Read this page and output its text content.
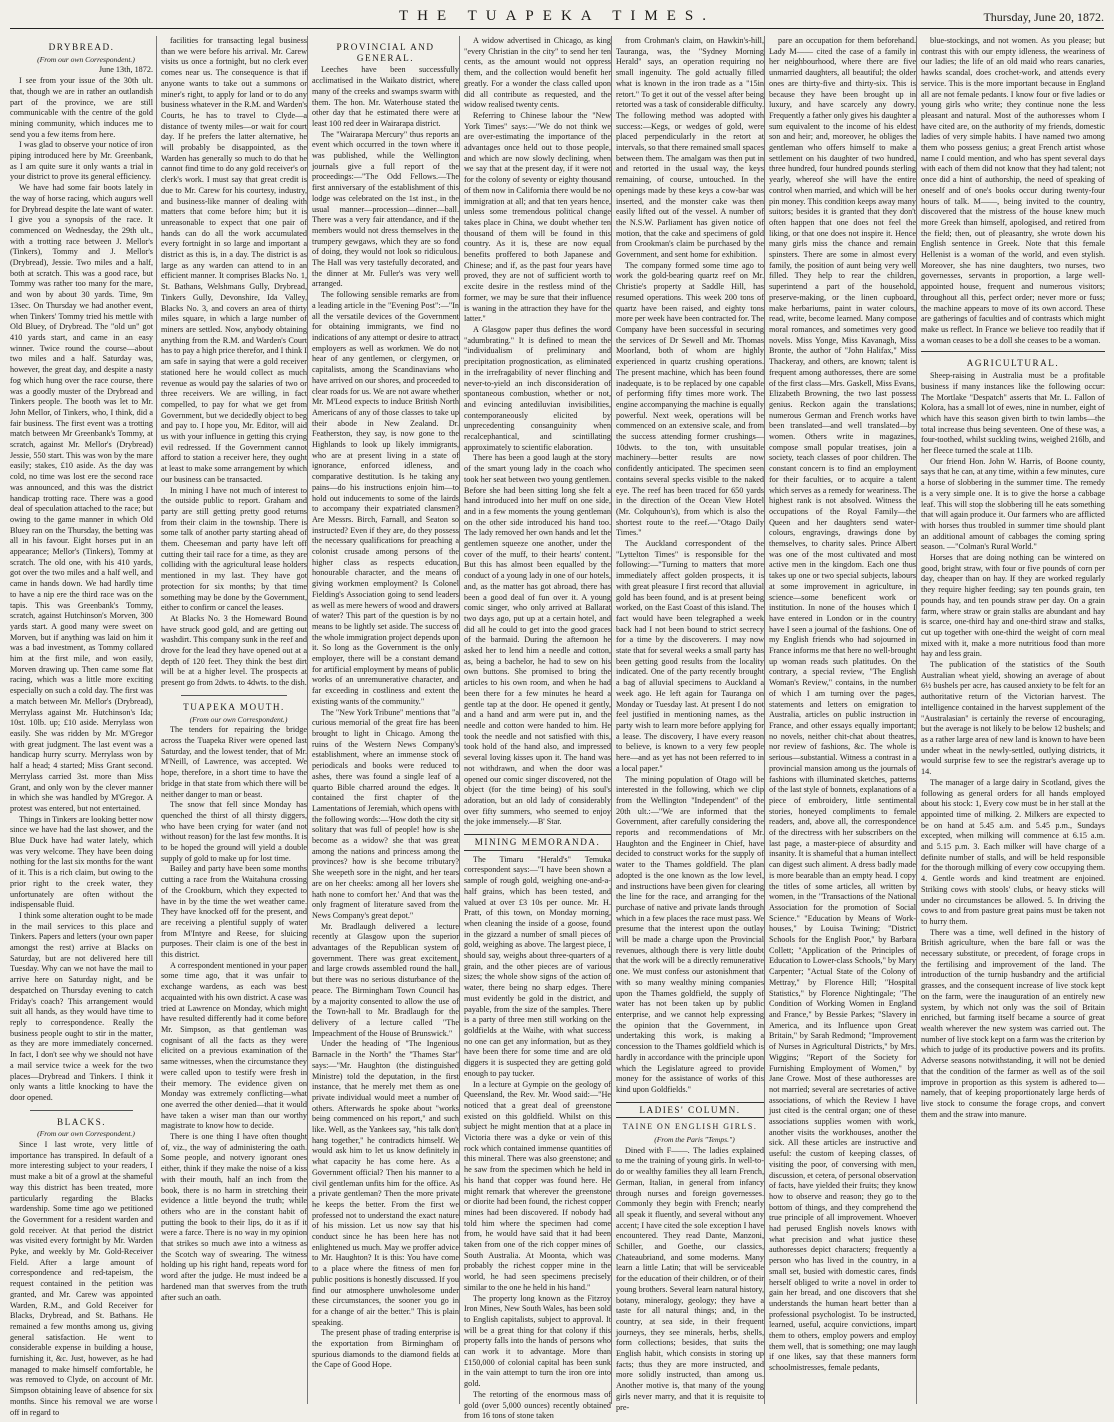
THE TUAPEKA TIMES.	Thursday, June 20, 1872.
DRYBREAD.

(From our own Correspondent.)

June 13th, 1872.

I see from your issue of the 30th ult. that, though we are in rather an outlandish part of the province, we are still communicable with the centre of the gold mining community, which induces me to send you a few items from here.

I was glad to observe your notice of iron piping introduced here by Mr. Greenbank, as I am quite sure it only wants a trial in your district to prove its general efficiency.

We have had some fair boots lately in the way of horse racing, which augurs well for Drybread despite the late want of water. I give you a synopsis of the race. It commenced on Wednesday, the 29th ult., with a trotting race between J. Mellor's (Tinkers), Tommy and J. Mellor's (Drybread), Jessie. Two miles and a half, both at scratch. This was a good race, but Tommy was rather too many for the mare, and won by about 30 yards. Time, 9m 13sec. On Thursday we had another event, when Tinkers' Tommy tried his mettle with Old Bluey, of Drybread. The "old un" got 410 yards start, and came in an easy winner. Twice round the course—about two miles and a half. Saturday was, however, the great day, and despite a nasty fog which hung over the race course, there was a goodly muster of the Drybread and Tinkers people. The booth was let to Mr. John Mellor, of Tinkers, who, I think, did a fair business. The first event was a trotting match between Mr Greenbank's Tommy, at scratch, against Mr. Mellor's (Drybread) Jessie, 550 start. This was won by the mare easily; stakes, £10 aside. As the day was cold, no time was lost ere the second race was announced, and this was the district handicap trotting race. There was a good deal of speculation attached to the race; but owing to the game manner in which Old Bluey ran on the Thursday, the betting was all in his favour. Eight horses put in an appearance; Mellor's (Tinkers), Tommy at scratch. The old one, with his 410 yards, got over the two miles and a half well, and came in hands down. We had hardly time to have a nip ere the third race was on the tapis. This was Greenbank's Tommy, scratch, against Hutchinson's Morven, 300 yards start. A good many were sweet on Morven, but if anything was laid on him it was a bad investment, as Tommy collared him at the first mile, and won easily, Morven drawing up. Then came some flat racing, which was a little more exciting especially on such a cold day. The first was a match between Mr. Mellor's (Drybread), Merrylass against Mr. Hutchinson's Ida; 10st. 10lb. up; £10 aside. Merrylass won easily. She was ridden by Mr. M'Gregor with great judgment. The last event was a handicap hurry scurry. Merrylass won by half a head; 4 started; Miss Grant second. Merrylass carried 3st. more than Miss Grant, and only won by the clever manner in which she was handled by M'Gregor. A protest was entered, but not entertained.

Things in Tinkers are looking better now since we have had the last shower, and the Blue Duck have had water lately, which was very welcome. They have been doing nothing for the last six months for the want of it. This is a rich claim, but owing to the prior right to the creek water, they unfortunately are often without the indispensable fluid.

I think some alteration ought to be made in the mail services to this place and Tinkers. Papers and letters (your own paper amongst the rest) arrive at Blacks on Saturday, but are not delivered here till Tuesday. Why can we not have the mail to arrive here on Saturday night, and be despatched on Thursday evening to catch Friday's coach? This arrangement would suit all hands, as they would have time to reply to correspondence. Really the business people ought to stir in the matter, as they are more immediately concerned. In fact, I don't see why we should not have a mail service twice a week for the two places—Drybread and Tinkers. I think it only wants a little knocking to have the door opened.

BLACKS.

(From our own Correspondent.)

Since I last wrote, very little of importance has transpired. In default of a more interesting subject to your readers, I must make a bit of a growl at the shameful way this district has been treated, more particularly regarding the Blacks wardenship. Some time ago we petitioned the Government for a resident warden and gold receiver. At that period the district was visited every fortnight by Mr. Warden Pyke, and weekly by Mr. Gold-Receiver Field. After a large amount of correspondence and red-tapeism, the request contained in the petition was granted, and Mr. Carew was appointed Warden, R.M., and Gold Receiver for Blacks, Drybread, and St. Bathans. He remained a few months among us, giving general satisfaction. He went to considerable expense in building a house, furnishing it, &c. Just, however, as he had managed to make himself comfortable, he was removed to Clyde, on account of Mr. Simpson obtaining leave of absence for six months. Since his removal we are worse off in regard to

facilities for transacting legal business than we were before his arrival. Mr. Carew visits us once a fortnight, but no clerk ever comes near us. The consequence is that if anyone wants to take out a summons or miner's right, to apply for land or to do any business whatever in the R.M. and Warden's Courts, he has to travel to Clyde—a distance of twenty miles—or wait for court day. If he prefers the latter alternative, he will probably be disappointed, as the Warden has generally so much to do that he cannot find time to do any gold receiver's or clerk's work. I must say that great credit is due to Mr. Carew for his courtesy, industry, and business-like manner of dealing with matters that come before him; but it is unreasonable to expect that one pair of hands can do all the work accumulated every fortnight in so large and important a district as this is, in a day. The district is as large as any warden can attend to in an efficient manner. It comprises Blacks No. 1, St. Bathans, Welshmans Gully, Drybread, Tinkers Gully, Devonshire, Ida Valley, Blacks No. 3, and covers an area of thirty miles square, in which a large number of miners are settled. Now, anybody obtaining anything from the R.M. and Warden's Court has to pay a high price therefor, and I think I am safe in saying that were a gold receiver stationed here he would collect as much revenue as would pay the salaries of two or three receivers. We are willing, in fact compelled, to pay for what we get from Government, but we decidedly object to beg and pay to. I hope you, Mr. Editor, will aid us with your influence in getting this crying evil redressed. If the Government cannot afford to station a receiver here, they ought at least to make some arrangement by which our business can be transacted.

In mining I have not much of interest to the outside public to report. Graham and party are still getting pretty good returns from their claim in the township. There is some talk of another party starting ahead of them. Cheeseman and party have left off cutting their tail race for a time, as they are colliding with the agricultural lease holders mentioned in my last. They have got protection for six months; by that time something may be done by the Government, either to confirm or cancel the leases.

At Blacks No. 3 the Homeward Bound have struck good gold, and are getting out washdirt. This company sunk in the reef and drove for the lead they have opened out at a depth of 120 feet. They think the best dirt will be at a higher level. The prospects at present go from 2dwts. to 4dwts. to the dish.

TUAPEKA MOUTH.

(From our own Correspondent.)

The tenders for repairing the bridge across the Tuapeka River were opened last Saturday, and the lowest tender, that of Mr. M'Neill, of Lawrence, was accepted. We hope, therefore, in a short time to have the bridge in that state from which there will be neither danger to man or beast.

The snow that fell since Monday has quenched the thirst of all thirsty diggers, who have been crying for water (and not without reason) for the last few months. It is to be hoped the ground will yield a double supply of gold to make up for lost time.

Bailey and party have been some months cutting a race from the Waitahuna crossing of the Crookburn, which they expected to have in by the time the wet weather came. They have knocked off for the present, and are receiving a plentiful supply of water from M'Intyre and Reese, for sluicing purposes. Their claim is one of the best in this district.

A correspondent mentioned in your paper some time ago, that it was unfair to exchange wardens, as each was best acquainted with his own district. A case was tried at Lawrence on Monday, which might have resulted differently had it come before Mr. Simpson, as that gentleman was cognisant of all the facts as they were elicited on a previous examination of the same witnesses, when the circumstance they were called upon to testify were fresh in their memory. The evidence given on Monday was extremely conflicting—what one averred the other denied—that it would have taken a wiser man than our worthy magistrate to know how to decide.

There is one thing I have often thought of, viz., the way of administering the oath. Some people, and notvery ignorant ones either, think if they make the noise of a kiss with their mouth, half an inch from the book, there is no harm in stretching their evidence a little beyond the truth; while others who are in the constant habit of putting the book to their lips, do it as if it were a farce. There is no way in my opinion that strikes so much awe into a witness as the Scotch way of swearing. The witness holding up his right hand, repeats word for word after the judge. He must indeed be a hardened man that swerves from the truth after such an oath.

PROVINCIAL AND GENERAL.

Leeches have been successfully acclimatised in the Waikato district, where many of the creeks and swamps swarm with them. The hon. Mr. Waterhouse stated the other day that he estimated there were at least 100 red deer in Wairarapa district.

The "Wairarapa Mercury" thus reports an event which occurred in the town where it was published, while the Wellington journals give a full report of the proceedings:—"The Odd Fellows.—The first anniversary of the establishment of this lodge was celebrated on the 1st inst., in the usual manner—procession—dinner—ball. There was a very fair attendance, and if the members would not dress themselves in the trumpery gewgaws, which they are so fond of doing, they would not look so ridiculous. The Hall was very tastefully decorated, and the dinner at Mr. Fuller's was very well arranged.

The following sensible remarks are from a leading article in the "Evening Post":—"In all the versatile devices of the Government for obtaining immigrants, we find no indications of any attempt or desire to attract employers as well as workmen. We do not hear of any gentlemen, or clergymen, or capitalists, among the Scandinavians who have arrived on our shores, and proceeded to clear roads for us. We are not aware whether Mr. M'Leod expects to induce British North Americans of any of those classes to take up their abode in New Zealand. Dr. Featherston, they say, is now gone to the Highlands to look up likely immigrants, who are at present living in a state of ignorance, enforced idleness, and comparative destitution. Is he taking any pains—do his instructions enjoin him—to hold out inducements to some of the lairds to accompany their expatriated clansmen? Are Messrs. Birch, Farnall, and Seaton so instructed? Even if they are, do they possess the necessary qualifications for preaching a colonist crusade among persons of the higher class as respects education, honourable character, and the means of giving workmen employment? Is Colonel Fielding's Association going to send leaders as well as mere hewers of wood and drawers of water? This part of the question is by no means to be lightly set aside. The success of the whole immigration project depends upon it. So long as the Government is the only employer, there will be a constant demand for artificial employment by means of public works of an unremunerative character, and far exceeding in costliness and extent the existing wants of the community."

The "New York Tribune" mentions that "a curious memorial of the great fire has been brought to light in Chicago. Among the ruins of the Western News Company's establishment, where an immense stock of periodicals and books were reduced to ashes, there was found a single leaf of a quarto Bible charred around the edges. It contained the first chapter of the Lamentations of Jeremiah, which opens with the following words:—'How doth the city sit solitary that was full of people! how is she become as a widow? she that was great among the nations and princess among the provinces? how is she become tributary? She weepeth sore in the night, and her tears are on her cheeks: among all her lovers she hath none to comfort her.' And that was the only fragment of literature saved from the News Company's great depot."

Mr. Bradlaugh delivered a lecture recently at Glasgow upon the superior advantages of the Republican system of government. There was great excitement, and large crowds assembled round the hall, but there was no serious disturbance of the peace. The Birmingham Town Council has by a majority consented to allow the use of the Town-hall to Mr. Bradlaugh for the delivery of a lecture called "The Impeachment of the House of Brunswick."

Under the heading of "The Ingenious Barnacle in the North" the "Thames Star" says:—"Mr. Haughton (the distinguished Ministre) told the deputation, in the first instance, that he merely met them as one private individual would meet a number of others. Afterwards he spoke about "works being commenced on his report," and such like. Well, as the Yankees say, "his talk don't hang together," he contradicts himself. We would ask him to let us know definitely in what capacity he has come here. As a Government official? Then his manner to a civil gentleman unfits him for the office. As a private gentleman? Then the more private he keeps the better. From the first we professed not to understand the exact nature of his mission. Let us now say that his conduct since he has been here has not enlightened us much. May we proffer advice to Mr. Haughton? It is this: You have come to a place where the fitness of men for public positions is honestly discussed. If you find our atmosphere unwholesome under these circumstances, the sooner you go in for a change of air the better." This is plain speaking.

The present phase of trading enterprise is the exportation from Birmingham of spurious diamonds to the diamond fields at the Cape of Good Hope.

A widow advertised in Chicago, as king "every Christian in the city" to send her ten cents, as the amount would not oppress them, and the collection would benefit her greatly. For a wonder the class called upon did all contribute as requested, and the widow realised twenty cents.

Referring to Chinese labour the "New York Times" says:—"We do not think we are over-estimating the importance of the advantages once held out to those people, and which are now slowly declining, when we say that at the present day, if it were not for the colony of seventy or eighty thousand of them now in California there would be no immigration at all; and that ten years hence, unless some tremendous political change takes place in China, we doubt whether ten thousand of them will be found in this country. As it is, these are now equal benefits proffered to both Japanese and Chinese; and if, as the past four years have proved, they are not of sufficient worth to excite desire in the restless mind of the former, we may be sure that their influence is waning in the attraction they have for the latter."

A Glasgow paper thus defines the word "adumbrating." It is defined to mean the "individualism of preliminary and precipitation prognostication, as eliminated in the irrefragability of never flinching and never-to-yield an inch disconsideration of spontaneous combustion, whether or not, and evincing antediluvian invisibilities, contemporaneously elicited by unprecedenting consanguinity when recalcephantical, and scintillating approximately to scientific elaboration.

There has been a good laugh at the story of the smart young lady in the coach who took her seat between two young gentlemen. Before she had been sitting long she felt a hand introduced into her muff on one side, and in a few moments the young gentleman on the other side introduced his hand too. The lady removed her own hands and let the gentlemen squeeze one another, under the cover of the muff, to their hearts' content. But this has almost been equalled by the conduct of a young lady in one of our hotels, and, as the matter has got abroad, there has been a good deal of fun over it. A young comic singer, who only arrived at Ballarat two days ago, put up at a certain hotel, and did all he could to get into the good graces of the barmaid. During the afternoon he asked her to lend him a needle and cotton, as, being a bachelor, he had to sew on his own buttons. She promised to bring the articles to his own room, and when he had been there for a few minutes he heard a gentle tap at the door. He opened it gently, and a hand and arm were put in, and the needle and cotton were handed to him. He took the needle and not satisfied with this, took hold of the hand also, and impressed several loving kisses upon it. The hand was not withdrawn, and when the door was opened our comic singer discovered, not the object (for the time being) of his soul's adoration, but an old lady of considerably over fifty summers, who seemed to enjoy the joke immensely.—B' Star.

MINING MEMORANDA.

The Timaru "Herald's" Temuka correspondent says:—"I have been shown a sample of rough gold, weighing one-and-a-half grains, which has been tested, and valued at over £3 10s per ounce. Mr. H. Pratt, of this town, on Monday morning, when cleaning the inside of a goose, found in the gizzard a number of small pieces of gold, weighing as above. The largest piece, I should say, weighs about three-quarters of a grain, and the other pieces are of various sizes; the whole show signs of the action of water, there being no sharp edges. There must evidently be gold in the district, and payable, from the size of the samples. There is a party of three men still working on the goldfields at the Waihe, with what success no one can get any information, but as they have been there for some time and are old diggers it is suspected they are getting gold enough to pay tucker.

In a lecture at Gympie on the geology of Queensland, the Rev. Mr. Wood said:—"He noticed that a great deal of greenstone existed on this goldfield. Whilst on this subject he might mention that at a place in Victoria there was a dyke or vein of this rock which contained immense quantities of this mineral. There was also greenstone; and he saw from the specimen which he held in his hand that copper was found here. He might remark that wherever the greenstone or diorite had been found, the richest copper mines had been discovered. If nobody had told him where the specimen had come from, he would have said that it had been taken from one of the rich copper mines of South Australia. At Moonta, which was probably the richest copper mine in the world, he had seen specimens precisely similar to the one he held in his hand."

The property long known as the Fitzroy Iron Mines, New South Wales, has been sold to English capitalists, subject to approval. It will be a great thing for that colony if this property falls into the hands of persons who can work it to advantage. More than £150,000 of colonial capital has been sunk in the vain attempt to turn the iron ore into gold.

The retorting of the enormous mass of gold (over 5,000 ounces) recently obtained from 16 tons of stone taken

from Crohman's claim, on Hawkin's-hill, Tauranga, was, the "Sydney Morning Herald" says, an operation requiring no small ingenuity. The gold actually filled what is known in the iron trade as a "15in retort." To get it out of the vessel after being retorted was a task of considerable difficulty. The following method was adopted with success:—Kegs, or wedges of gold, were placed perpendicularly in the retort at intervals, so that there remained small spaces between them. The amalgam was then put in and retorted in the usual way, the keys remaining, of course, untouched. In the openings made by these keys a cow-bar was inserted, and the monster cake was then easily lifted out of the vessel. A number of the N.S.W. Parliament has given notice of motion, that the cake and specimens of gold from Crookman's claim be purchased by the Government, and sent home for exhibition.

The company formed some time ago to work the gold-bearing quartz reef on Mr. Christie's property at Saddle Hill, has resumed operations. This week 200 tons of quartz have been raised, and eighty tons more per week have been contracted for. The Company have been successful in securing the services of Dr Sewell and Mr. Thomas Moorland, both of whom are highly experienced in quartz crushing operations. The present machine, which has been found inadequate, is to be replaced by one capable of performing fifty times more work. The engine accompanying the machine is equally powerful. Next week, operations will be commenced on an extensive scale, and from the success attending former crushings—10dwts. to the ton, with unsuitable machinery—better results are now confidently anticipated. The specimen seen contains several specks visible to the naked eye. The reef has been traced for 650 yards in the direction of the Ocean View Hotel (Mr. Colquhoun's), from which is also the shortest route to the reef.—"Otago Daily Times."

The Auckland correspondent of the "Lyttelton Times" is responsible for the following:—"Turning to matters that more immediately affect golden prospects, it is with great pleasure I first record that alluvial gold has been found, and is at present being worked, on the East Coast of this island. The fact would have been telegraphed a week back had I not been bound to strict secrecy for a time by the discoverers. I may now state that for several weeks a small party has been getting good results from the locality indicated. One of the party recently brought a bag of alluvial specimens to Auckland a week ago. He left again for Tauranga on Monday or Tuesday last. At present I do not feel justified in mentioning names, as the party wish to learn more before applying for a lease. The discovery, I have every reason to believe, is known to a very few people here—and as yet has not been referred to in a local paper."

The mining population of Otago will be interested in the following, which we clip from the Wellington "Independent" of the 20th ult.:—"We are informed that the Government, after carefully considering the reports and recommendations of Mr. Haughton and the Engineer in Chief, have decided to construct works for the supply of water to the Thames goldfield. The plan adopted is the one known as the low level, and instructions have been given for clearing the line for the race, and arranging for the purchase of native and private lands through which in a few places the race must pass. We presume that the interest upon the outlay will be made a charge upon the Provincial revenues, although there is very little doubt that the work will be a directly remunerative one. We must confess our astonishment that with so many wealthy mining companies upon the Thames goldfield, the supply of water has not been taken up by public enterprise, and we cannot help expressing the opinion that the Government, in undertaking this work, is making a concession to the Thames goldfield which is hardly in accordance with the principle upon which the Legislature agreed to provide money for the assistance of works of this kind upon Goldfields."

LADIES' COLUMN.
TAINE ON ENGLISH GIRLS.

(From the Paris "Temps.")

Dined with F——. The ladies explained to me the training of young girls. In well-to-do or wealthy families they all learn French, German, Italian, in general from infancy through nurses and foreign governesses. Commonly they begin with French; nearly all speak it fluently, and several without any accent; I have cited the sole exception I have encountered. They read Dante, Manzoni, Schiller, and Goethe, our classics, Chateaubriand, and some moderns. Many learn a little Latin; that will be serviceable for the education of their children, or of their young brothers. Several learn natural history, botany, mineralogy, geology; they have a taste for all natural things; and, in the country, at sea side, in their frequent journeys, they see minerals, herbs, shells, form collections; besides, that suits the English habit, which consists in storing up facts; thus they are more instructed, and more solidly instructed, than among us. Another motive is, that many of the young girls never marry, and that it is requisite to pre-

pare an occupation for them beforehand. Lady M—— cited the case of a family in her neighbourhood, where there are five unmarried daughters, all beautiful; the older ones are thirty-five and thirty-six. This is because they have been brought up in luxury, and have scarcely any dowry. Frequently a father only gives his daughter a sum equivalent to the income of his eldest son and heir; and, moreover, he obliges the gentleman who offers himself to make a settlement on his daughter of two hundred, three hundred, four hundred pounds sterling yearly, whereof she will have the entire control when married, and which will be her pin money. This condition keeps away many suitors; besides it is granted that they don't often happen that one does not feel the liking, or that one does not inspire it. Hence many girls miss the chance and remain spinsters. There are some in almost every family, the position of aunt being very well filled. They help to rear the children, superintend a part of the household, preserve-making, or the linen cupboard, make herbariums, paint in water colours, read, write, become learned. Many compose moral romances, and sometimes very good novels. Miss Yonge, Miss Kavanagh, Miss Bronte, the author of "John Halifax," Miss Thackeray, and others, are known; talent is frequent among authoresses, there are some of the first class—Mrs. Gaskell, Miss Evans, Elizabeth Browning, the two last possess genius. Reckon again the translations; numerous German and French works have been translated—and well translated—by women. Others write in magazines, compose small popular treatises, join a society, teach classes of poor children. The constant concern is to find an employment for their faculties, or to acquire a talent which serves as a remedy for weariness. The highest rank is not absolved. Witness the occupations of the Royal Family—the Queen and her daughters send water-colours, engravings, drawings done by themselves, to charity sales. Prince Albert was one of the most cultivated and most active men in the kingdom. Each one thus takes up one or two special subjects, labours at some improvement in agriculture, in science—some beneficent work or institution. In none of the houses which I have entered in London or in the country have I seen a journal of the fashions. One of my English friends who had sojourned in France informs me that here no well-brought up woman reads such platitudes. On the contrary, a special review, "The English Woman's Review," contains, in the number of which I am turning over the pages, statements and letters on emigration to Australia, articles on public instruction in France, and other essays equally important; no novels, neither chit-chat about theatres, nor review of fashions, &c. The whole is serious—substantial. Witness a contrast in a provincial mansion among us the journals of fashions with illuminated sketches, patterns of the last style of bonnets, explanations of a piece of embroidery, little sentimental stories, honeyed compliments to female readers, and, above all, the correspondence of the directress with her subscribers on the last page, a master-piece of absurdity and insanity. It is shameful that a human intellect can digest such aliment. A dress badly made is more bearable than an empty head. I copy the titles of some articles, all written by women, in the "Transactions of the National Association for the promotion of Social Science." "Education by Means of Work-houses," by Louisa Twining; "District Schools for the English Poor," by Barbara Collett; "Application of the Principles of Education to Lower-class Schools," by Mary Carpenter; "Actual State of the Colony of Mettray," by Florence Hill; "Hospital Statistics," by Florence Nightingale; "The Condition of Working Women in England and France," by Bessie Parkes; "Slavery in America, and its Influence upon Great Britain," by Sarah Redmond; "Improvement of Nurses in Agricultural Districts," by Mrs. Wiggins; "Report of the Society for Furnishing Employment of Women," by Jane Crowe. Most of these authoresses are not married; several are secretaries of active associations, of which the Review I have just cited is the central organ; one of these associations supplies women with work, another visits the workhouses, another the sick. All these articles are instructive and useful: the custom of keeping classes, of visiting the poor, of conversing with men, discussion, et cetera, of personal observation of facts, have yielded their fruits; they know how to observe and reason; they go to the bottom of things, and they comprehend the true principle of all improvement. Whoever had perused English novels knows with what precision and what justice these authoresses depict characters; frequently a person who has lived in the country, in a small set, busied with domestic cares, finds herself obliged to write a novel in order to gain her bread, and one discovers that she understands the human heart better than a professional psychologist. To be instructed, learned, useful, acquire convictions, impart them to others, employ powers and employ them well, that is something; one may laugh if one likes, say that these manners form schoolmistresses, female pedants,

blue-stockings, and not women. As you please; but contrast this with our empty idleness, the weariness of our ladies; the life of an old maid who rears canaries, hawks scandal, does crochet-work, and attends every service. This is the more important because in England all are not female pedants. I know four or five ladies or young girls who write; they continue none the less pleasant and natural. Most of the authoresses whom I have cited are, on the authority of my friends, domestic ladies of very simple habits. I have named two among them who possess genius; a great French artist whose name I could mention, and who has spent several days with each of them did not know that they had talent; not once did a hint of authorship, the need of speaking of oneself and of one's books occur during twenty-four hours of talk. M——, being invited to the country, discovered that the mistress of the house knew much more Greek than himself, apologised, and retired from the field; then, out of pleasantry, she wrote down his English sentence in Greek. Note that this female Hellenist is a woman of the world, and even stylish. Moreover, she has nine daughters, two nurses, two governesses, servants in proportion, a large well-appointed house, frequent and numerous visitors; throughout all this, perfect order; never more or fuss; the machine appears to move of its own accord. These are gatherings of faculties and of contrasts which might make us reflect. In France we believe too readily that if a woman ceases to be a doll she ceases to be a woman.

AGRICULTURAL.

Sheep-raising in Australia must be a profitable business if many instances like the following occur: The Mortlake "Despatch" asserts that Mr. L. Fallon of Kolora, has a small lot of ewes, nine in number, eight of which have this season given birth to twin lambs—the total increase thus being seventeen. One of these was, a four-toothed, whilst suckling twins, weighed 216lb, and her fleece turned the scale at 11lb.

Our friend Hon. John W. Harris, of Boone county, says that he can, at any time, within a few minutes, cure a horse of slobbering in the summer time. The remedy is a very simple one. It is to give the horse a cabbage leaf. This will stop the slobbering till he eats something that will again produce it. Our farmers who are afflicted with horses thus troubled in summer time should plant an additional amount of cabbages the coming spring season. —"Colman's Rural World."

Horses that are doing nothing can be wintered on good, bright straw, with four or five pounds of corn per day, cheaper than on hay. If they are worked regularly they require higher feeding; say ten pounds grain, ten pounds hay, and ten pounds straw per day. On a grain farm, where straw or grain stalks are abundant and hay is scarce, one-third hay and one-third straw and stalks, cut up together with one-third the weight of corn meal mixed with it, make a more nutritious food than more hay and less grain.

The publication of the statistics of the South Australian wheat yield, showing an average of about 6½ bushels per acre, has caused anxiety to be felt for an authoritative return of the Victorian harvest. The intelligence contained in the harvest supplement of the "Australasian" is certainly the reverse of encouraging, but the average is not likely to be below 12 bushels; and as a rather large area of new land is known to have been under wheat in the newly-settled, outlying districts, it would surprise few to see the registrar's average up to 14.

The manager of a large dairy in Scotland, gives the following as general orders for all hands employed about his stock: 1, Every cow must be in her stall at the appointed time of milking. 2. Milkers are expected to be on hand at 5.45 a.m. and 5.45 p.m., Sundays excepted, when milking will commence at 6.15 a.m. and 5.15 p.m. 3. Each milker will have charge of a definite number of stalls, and will be held responsible for the thorough milking of every cow occupying them. 4. Gentle words and kind treatment are enjoined. Striking cows with stools' clubs, or heavy sticks will under no circumstances be allowed. 5. In driving the cows to and from pasture great pains must be taken not to hurry them.

There was a time, well defined in the history of British agriculture, when the bare fall or was the necessary substitute, or precedent, of forage crops in the fertilising and improvement of the land. The introduction of the turnip husbandry and the artificial grasses, and the consequent increase of live stock kept on the farm, were the inauguration of an entirely new system, by which not only was the soil of Britain enriched, but farming itself became a source of great wealth wherever the new system was carried out. The number of live stock kept on a farm was the criterion by which to judge of its productive powers and its profits. Adverse seasons notwithstanding, it will not be denied that the condition of the farmer as well as of the soil improve in proportion as this system is adhered to—namely, that of keeping proportionately large herds of live stock to consume the forage crops, and convert them and the straw into manure.
